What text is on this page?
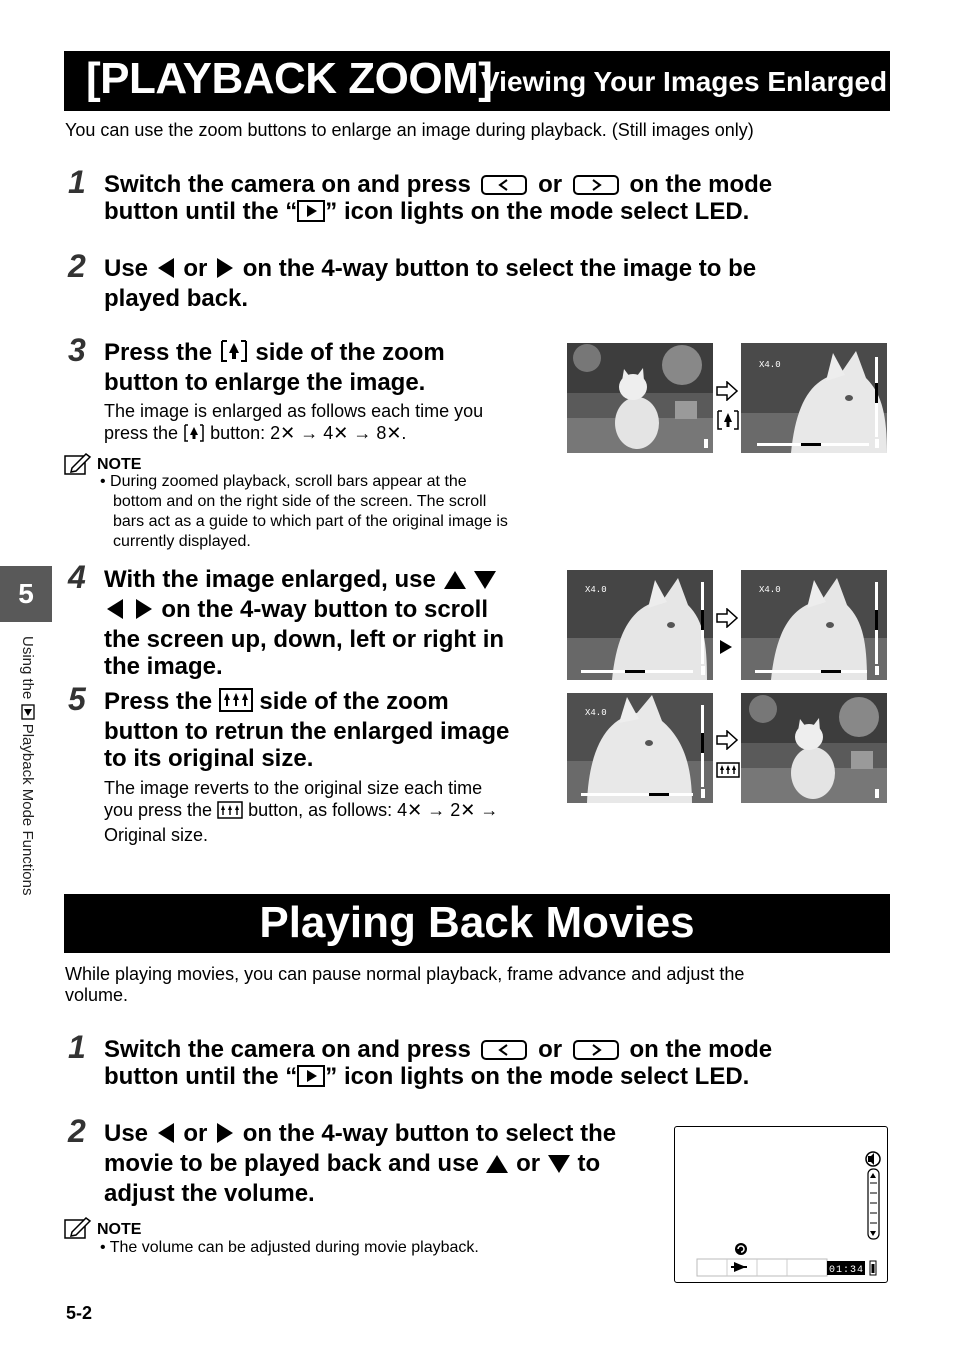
[PLAYBACK ZOOM]
Viewing Your Images Enlarged
You can use the zoom buttons to enlarge an image during playback. (Still images only)
1 Switch the camera on and press	or	on the mode
button until the “ ” icon lights on the mode select LED.
2 Use or on the 4-way button to select the image to be
played back.
3 Press the side of the zoom
button to enlarge the image.
The image is enlarged as follows each time you
press the button: 2✕ → 4✕ → 8✕.
NOTE
• During zoomed playback, scroll bars appear at the
bottom and on the right side of the screen. The scroll
bars act as a guide to which part of the original image is
currently displayed.
4 With the image enlarged, use
on the 4-way button to scroll
the screen up, down, left or right in
the image.
5 Press the side of the zoom
button to retrun the enlarged image
to its original size.
The image reverts to the original size each time
you press the button, as follows: 4✕ → 2✕ →
Original size.
X4.0
X4.0	X4.0
X4.0
Playing Back Movies
While playing movies, you can pause normal playback, frame advance and adjust the
volume.
1 Switch the camera on and press	or	on the mode
button until the “ ” icon lights on the mode select LED.
2 Use or on the 4-way button to select the
movie to be played back and use or to
adjust the volume.
NOTE
• The volume can be adjusted during movie playback.
01:34
5
Using the  Playback Mode Functions
5-2
